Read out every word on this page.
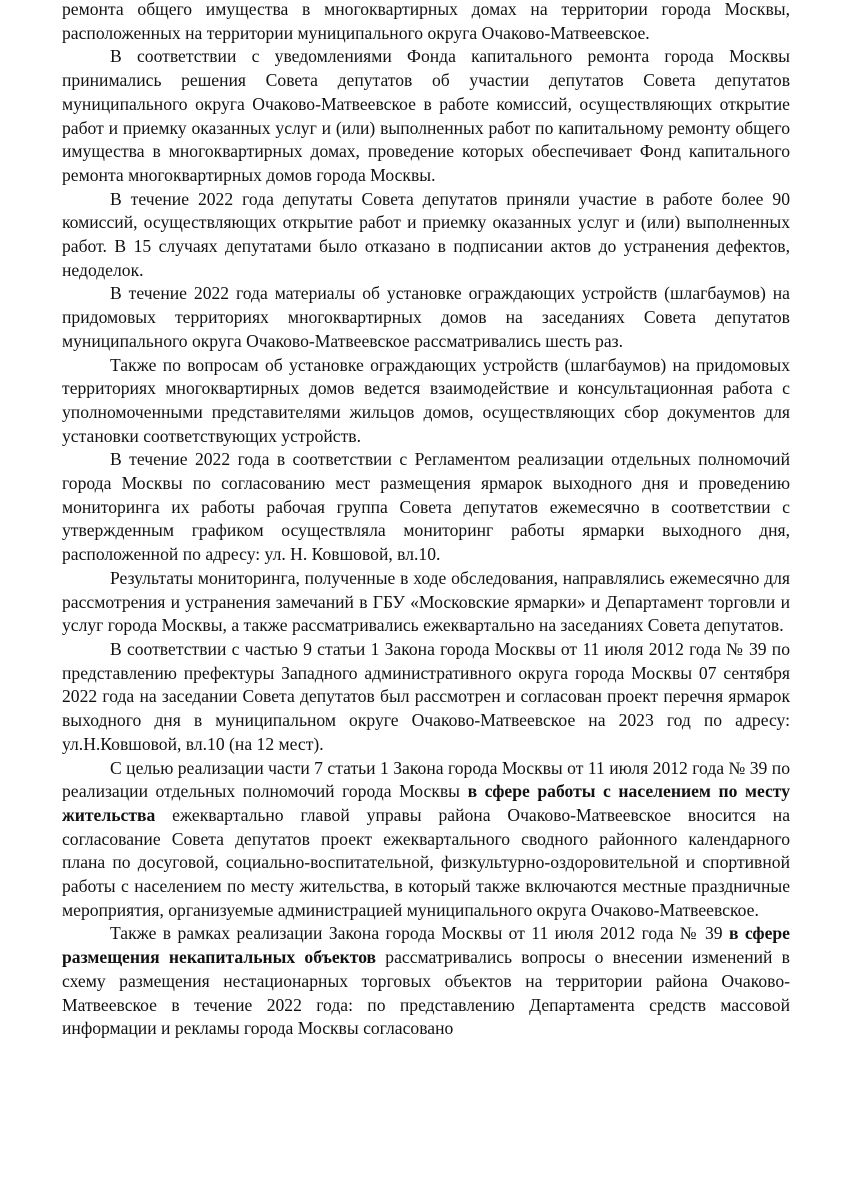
ремонта общего имущества в многоквартирных домах на территории города Москвы, расположенных на территории муниципального округа Очаково-Матвеевское.

В соответствии с уведомлениями Фонда капитального ремонта города Москвы принимались решения Совета депутатов об участии депутатов Совета депутатов муниципального округа Очаково-Матвеевское в работе комиссий, осуществляющих открытие работ и приемку оказанных услуг и (или) выполненных работ по капитальному ремонту общего имущества в многоквартирных домах, проведение которых обеспечивает Фонд капитального ремонта многоквартирных домов города Москвы.

В течение 2022 года депутаты Совета депутатов приняли участие в работе более 90 комиссий, осуществляющих открытие работ и приемку оказанных услуг и (или) выполненных работ. В 15 случаях депутатами было отказано в подписании актов до устранения дефектов, недоделок.

В течение 2022 года материалы об установке ограждающих устройств (шлагбаумов) на придомовых территориях многоквартирных домов на заседаниях Совета депутатов муниципального округа Очаково-Матвеевское рассматривались шесть раз.

Также по вопросам об установке ограждающих устройств (шлагбаумов) на придомовых территориях многоквартирных домов ведется взаимодействие и консультационная работа с уполномоченными представителями жильцов домов, осуществляющих сбор документов для установки соответствующих устройств.

В течение 2022 года в соответствии с Регламентом реализации отдельных полномочий города Москвы по согласованию мест размещения ярмарок выходного дня и проведению мониторинга их работы рабочая группа Совета депутатов ежемесячно в соответствии с утвержденным графиком осуществляла мониторинг работы ярмарки выходного дня, расположенной по адресу: ул. Н. Ковшовой, вл.10.

Результаты мониторинга, полученные в ходе обследования, направлялись ежемесячно для рассмотрения и устранения замечаний в ГБУ «Московские ярмарки» и Департамент торговли и услуг города Москвы, а также рассматривались ежеквартально на заседаниях Совета депутатов.

В соответствии с частью 9 статьи 1 Закона города Москвы от 11 июля 2012 года № 39 по представлению префектуры Западного административного округа города Москвы 07 сентября 2022 года на заседании Совета депутатов был рассмотрен и согласован проект перечня ярмарок выходного дня в муниципальном округе Очаково-Матвеевское на 2023 год по адресу: ул.Н.Ковшовой, вл.10 (на 12 мест).

С целью реализации части 7 статьи 1 Закона города Москвы от 11 июля 2012 года № 39 по реализации отдельных полномочий города Москвы в сфере работы с населением по месту жительства ежеквартально главой управы района Очаково-Матвеевское вносится на согласование Совета депутатов проект ежеквартального сводного районного календарного плана по досуговой, социально-воспитательной, физкультурно-оздоровительной и спортивной работы с населением по месту жительства, в который также включаются местные праздничные мероприятия, организуемые администрацией муниципального округа Очаково-Матвеевское.

Также в рамках реализации Закона города Москвы от 11 июля 2012 года № 39 в сфере размещения некапитальных объектов рассматривались вопросы о внесении изменений в схему размещения нестационарных торговых объектов на территории района Очаково-Матвеевское в течение 2022 года: по представлению Департамента средств массовой информации и рекламы города Москвы согласовано
